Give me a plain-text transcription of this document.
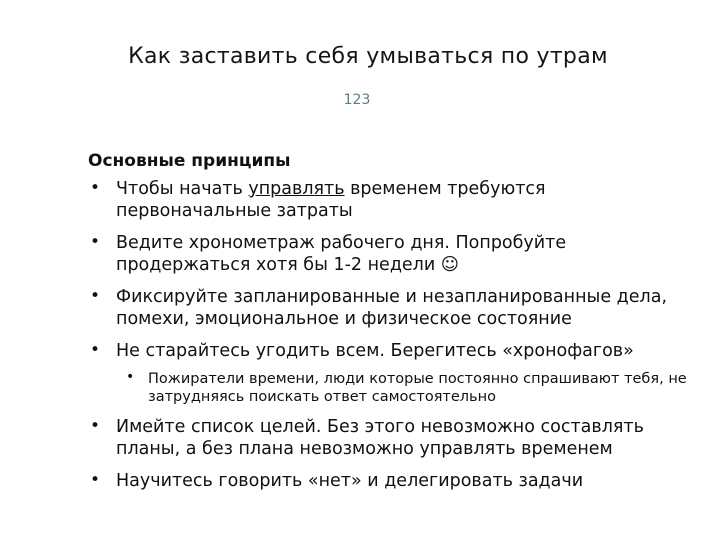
Как заставить себя умываться по утрам
123
Основные принципы
• Чтобы начать управлять временем требуются первоначальные затраты
• Ведите хронометраж рабочего дня. Попробуйте продержаться хотя бы 1-2 недели ☺
• Фиксируйте запланированные и незапланированные дела, помехи, эмоциональное и физическое состояние
• Не старайтесь угодить всем. Берегитесь «хронофагов»
• Пожиратели времени, люди которые постоянно спрашивают тебя, не затрудняясь поискать ответ самостоятельно
• Имейте список целей. Без этого невозможно составлять планы, а без плана невозможно управлять временем
• Научитесь говорить «нет» и делегировать задачи
